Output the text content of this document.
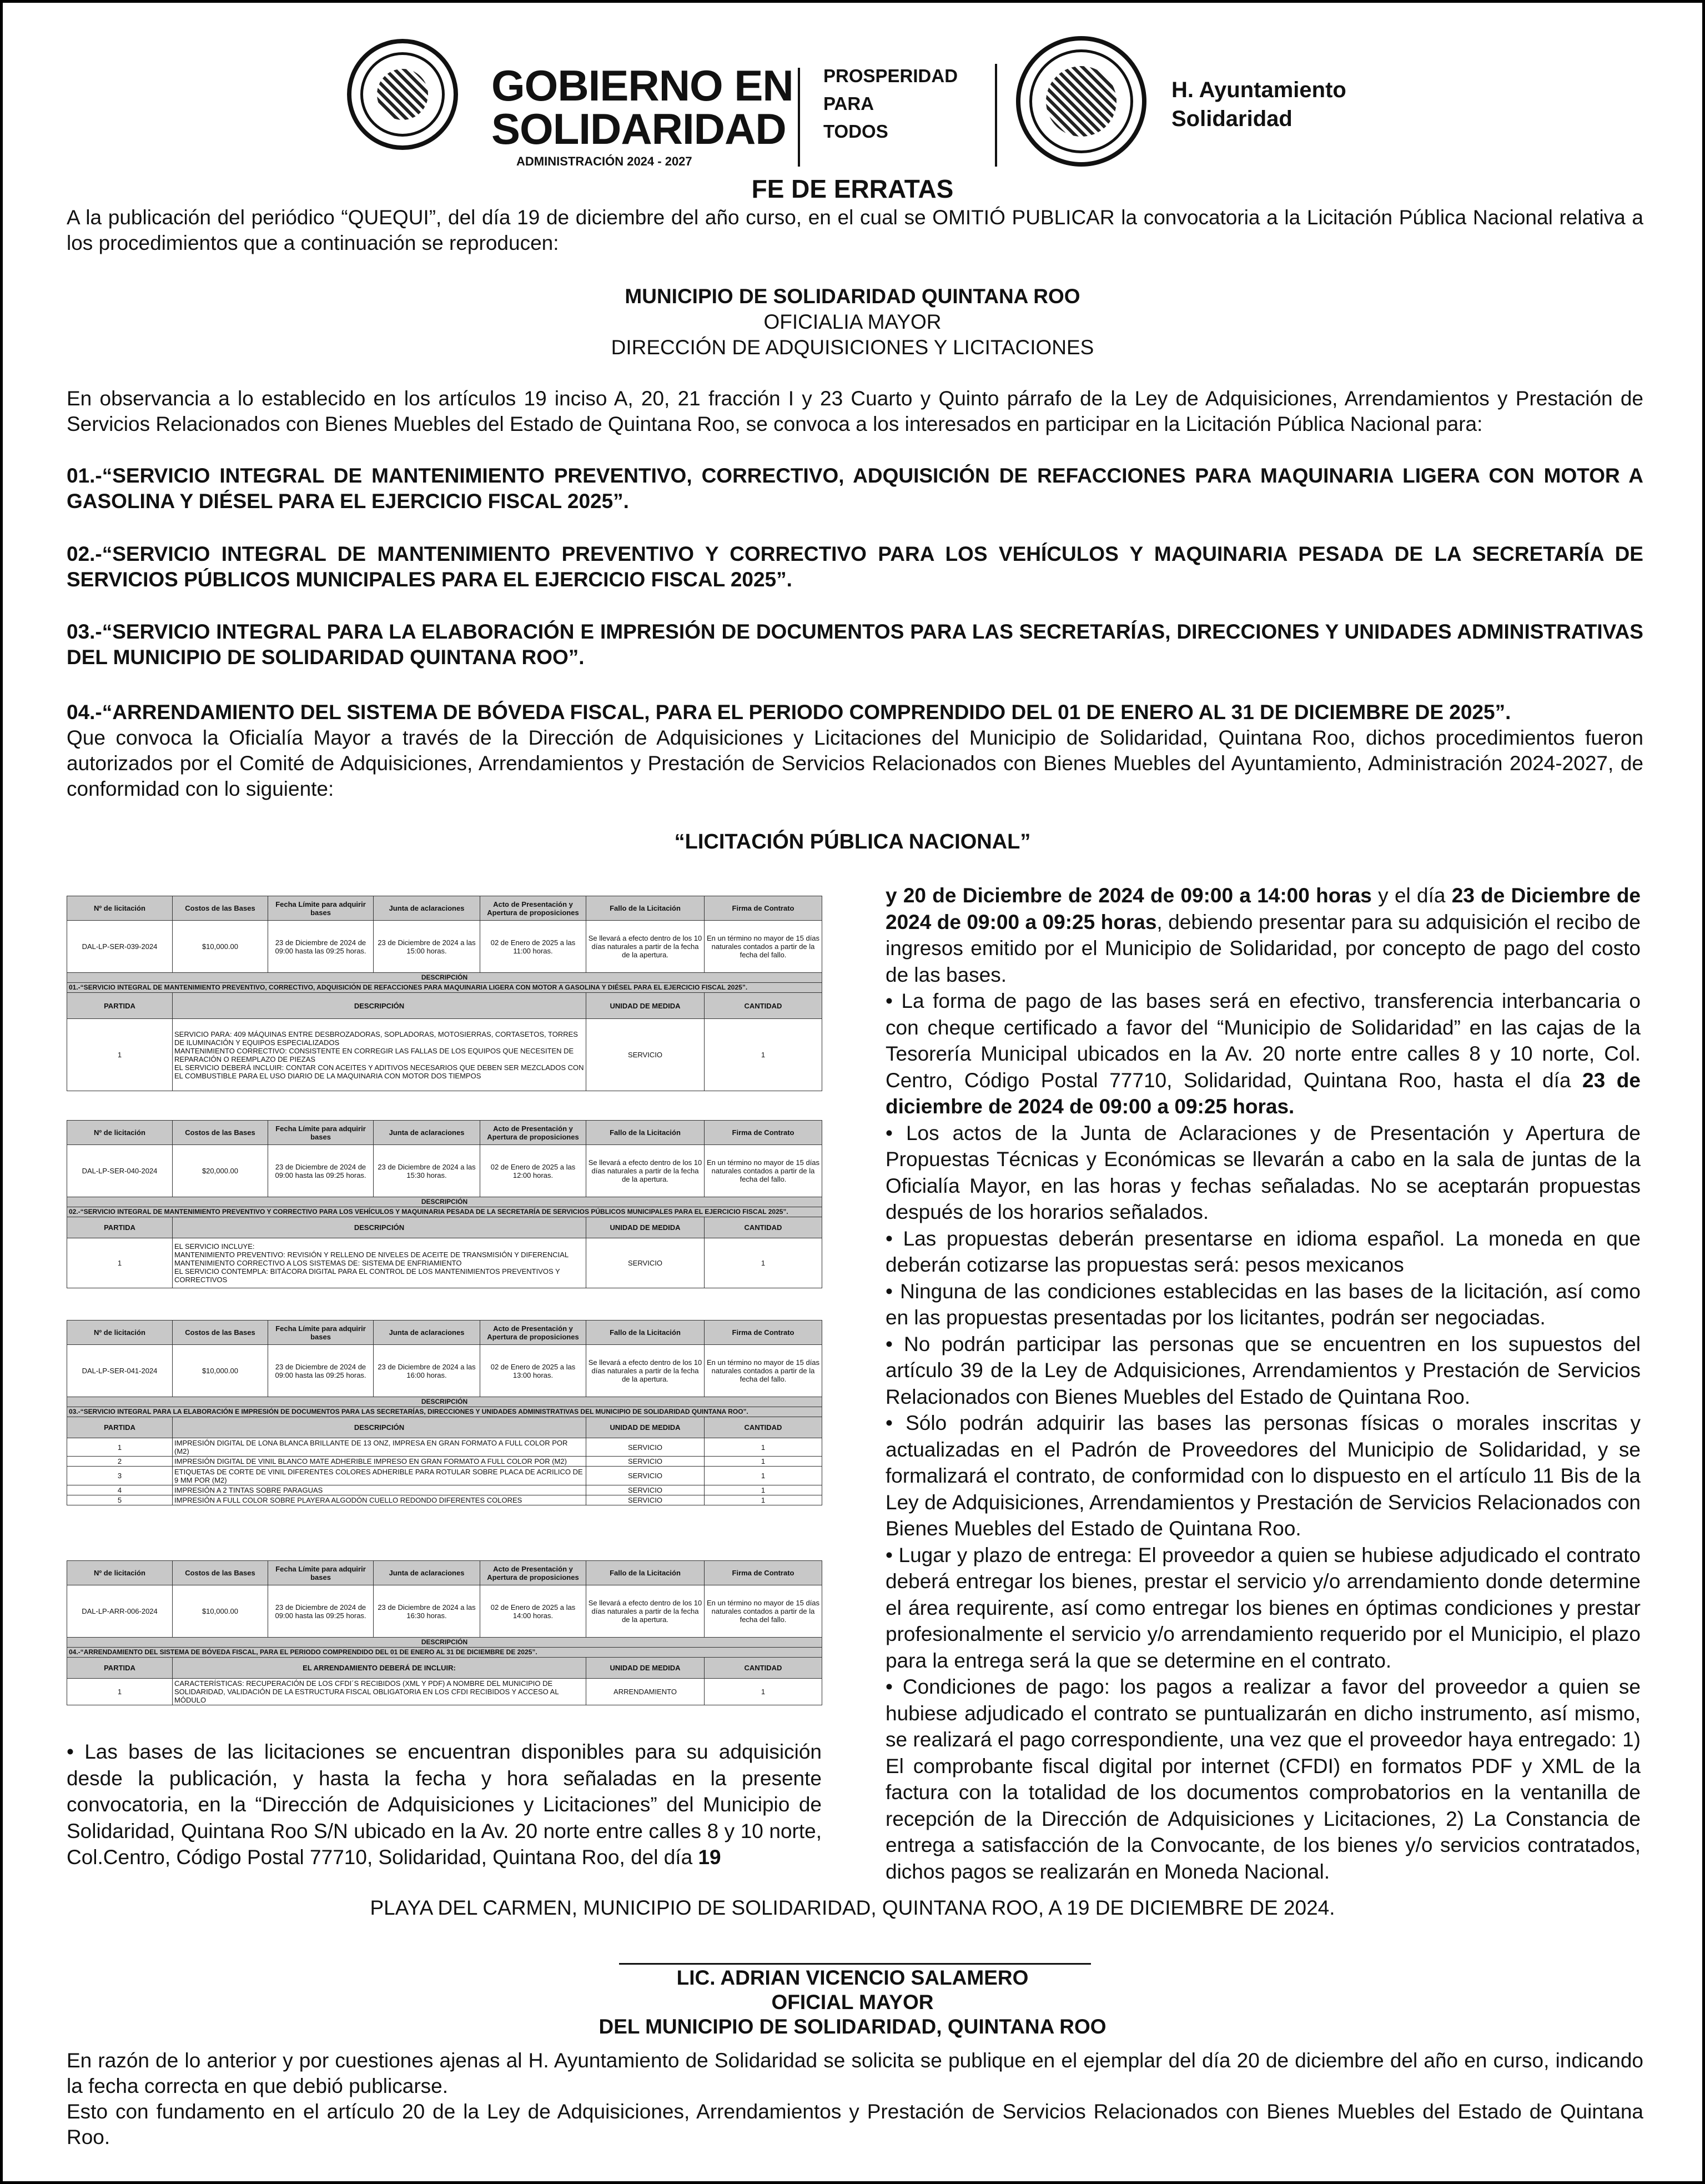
GOBIERNO EN
SOLIDARIDAD
ADMINISTRACIÓN 2024 - 2027
PROSPERIDAD
PARA
TODOS
H. Ayuntamiento
Solidaridad
FE DE ERRATAS
A la publicación del periódico “QUEQUI”, del día 19 de diciembre del año curso, en el cual se OMITIÓ PUBLICAR la convocatoria a la Licitación Pública Nacional relativa a los procedimientos que a continuación se reproducen:
MUNICIPIO DE SOLIDARIDAD QUINTANA ROO
OFICIALIA MAYOR
DIRECCIÓN DE ADQUISICIONES Y LICITACIONES
En observancia a lo establecido en los artículos 19 inciso A, 20, 21 fracción I y 23 Cuarto y Quinto párrafo de la Ley de Adquisiciones, Arrendamientos y Prestación de Servicios Relacionados con Bienes Muebles del Estado de Quintana Roo, se convoca a los interesados en participar en la Licitación Pública Nacional para:
01.-“SERVICIO INTEGRAL DE MANTENIMIENTO PREVENTIVO, CORRECTIVO, ADQUISICIÓN DE REFACCIONES PARA MAQUINARIA LIGERA CON MOTOR A GASOLINA Y DIÉSEL PARA EL EJERCICIO FISCAL 2025”.
02.-“SERVICIO INTEGRAL DE MANTENIMIENTO PREVENTIVO Y CORRECTIVO PARA LOS VEHÍCULOS Y MAQUINARIA PESADA DE LA SECRETARÍA DE SERVICIOS PÚBLICOS MUNICIPALES PARA EL EJERCICIO FISCAL 2025”.
03.-“SERVICIO INTEGRAL PARA LA ELABORACIÓN E IMPRESIÓN DE DOCUMENTOS PARA LAS SECRETARÍAS, DIRECCIONES Y UNIDADES ADMINISTRATIVAS DEL MUNICIPIO DE SOLIDARIDAD QUINTANA ROO”.
04.-“ARRENDAMIENTO DEL SISTEMA DE BÓVEDA FISCAL, PARA EL PERIODO COMPRENDIDO DEL 01 DE ENERO AL 31 DE DICIEMBRE DE 2025”.
Que convoca la Oficialía Mayor a través de la Dirección de Adquisiciones y Licitaciones del Municipio de Solidaridad, Quintana Roo, dichos procedimientos fueron autorizados por el Comité de Adquisiciones, Arrendamientos y Prestación de Servicios Relacionados con Bienes Muebles del Ayuntamiento, Administración 2024-2027, de conformidad con lo siguiente:
“LICITACIÓN PÚBLICA NACIONAL”
Nº de licitación	Costos de las Bases	Fecha Límite para adquirir bases	Junta de aclaraciones	Acto de Presentación y Apertura de proposiciones	Fallo de la Licitación	Firma de Contrato
DAL-LP-SER-039-2024	$10,000.00	23 de Diciembre de 2024 de 09:00 hasta las 09:25 horas.	23 de Diciembre de 2024 a las 15:00 horas.	02 de Enero de 2025 a las 11:00 horas.	Se llevará a efecto dentro de los 10 días naturales a partir de la fecha de la apertura.	En un término no mayor de 15 días naturales contados a partir de la fecha del fallo.
DESCRIPCIÓN						
01.-“SERVICIO INTEGRAL DE MANTENIMIENTO PREVENTIVO, CORRECTIVO, ADQUISICIÓN DE REFACCIONES PARA MAQUINARIA LIGERA CON MOTOR A GASOLINA Y DIÉSEL PARA EL EJERCICIO FISCAL 2025”.						
PARTIDA	DESCRIPCIÓN				UNIDAD DE MEDIDA	CANTIDAD
1	SERVICIO PARA: 409 MÁQUINAS ENTRE DESBROZADORAS, SOPLADORAS, MOTOSIERRAS, CORTASETOS, TORRES DE ILUMINACIÓN Y EQUIPOS ESPECIALIZADOS
MANTENIMIENTO CORRECTIVO: CONSISTENTE EN CORREGIR LAS FALLAS DE LOS EQUIPOS QUE NECESITEN DE REPARACIÓN O REEMPLAZO DE PIEZAS
EL SERVICIO DEBERÁ INCLUIR: CONTAR CON ACEITES Y ADITIVOS NECESARIOS QUE DEBEN SER MEZCLADOS CON EL COMBUSTIBLE PARA EL USO DIARIO DE LA MAQUINARIA CON MOTOR DOS TIEMPOS				SERVICIO	1
Nº de licitación	Costos de las Bases	Fecha Límite para adquirir bases	Junta de aclaraciones	Acto de Presentación y Apertura de proposiciones	Fallo de la Licitación	Firma de Contrato
DAL-LP-SER-040-2024	$20,000.00	23 de Diciembre de 2024 de 09:00 hasta las 09:25 horas.	23 de Diciembre de 2024 a las 15:30 horas.	02 de Enero de 2025 a las 12:00 horas.	Se llevará a efecto dentro de los 10 días naturales a partir de la fecha de la apertura.	En un término no mayor de 15 días naturales contados a partir de la fecha del fallo.
DESCRIPCIÓN						
02.-“SERVICIO INTEGRAL DE MANTENIMIENTO PREVENTIVO Y CORRECTIVO PARA LOS VEHÍCULOS Y MAQUINARIA PESADA DE LA SECRETARÍA DE SERVICIOS PÚBLICOS MUNICIPALES PARA EL EJERCICIO FISCAL 2025”.						
PARTIDA	DESCRIPCIÓN				UNIDAD DE MEDIDA	CANTIDAD
1	EL SERVICIO INCLUYE:
MANTENIMIENTO PREVENTIVO: REVISIÓN Y RELLENO DE NIVELES DE ACEITE DE TRANSMISIÓN Y DIFERENCIAL
MANTENIMIENTO CORRECTIVO A LOS SISTEMAS DE: SISTEMA DE ENFRIAMIENTO
EL SERVICIO CONTEMPLA: BITÁCORA DIGITAL PARA EL CONTROL DE LOS MANTENIMIENTOS PREVENTIVOS Y CORRECTIVOS				SERVICIO	1
Nº de licitación	Costos de las Bases	Fecha Límite para adquirir bases	Junta de aclaraciones	Acto de Presentación y Apertura de proposiciones	Fallo de la Licitación	Firma de Contrato
DAL-LP-SER-041-2024	$10,000.00	23 de Diciembre de 2024 de 09:00 hasta las 09:25 horas.	23 de Diciembre de 2024 a las 16:00 horas.	02 de Enero de 2025 a las 13:00 horas.	Se llevará a efecto dentro de los 10 días naturales a partir de la fecha de la apertura.	En un término no mayor de 15 días naturales contados a partir de la fecha del fallo.
DESCRIPCIÓN						
03.-“SERVICIO INTEGRAL PARA LA ELABORACIÓN E IMPRESIÓN DE DOCUMENTOS PARA LAS SECRETARÍAS, DIRECCIONES Y UNIDADES ADMINISTRATIVAS DEL MUNICIPIO DE SOLIDARIDAD QUINTANA ROO”.						
PARTIDA	DESCRIPCIÓN				UNIDAD DE MEDIDA	CANTIDAD
1	IMPRESIÓN DIGITAL DE LONA BLANCA BRILLANTE DE 13 ONZ, IMPRESA EN GRAN FORMATO A FULL COLOR POR (M2)				SERVICIO	1
2	IMPRESIÓN DIGITAL DE VINIL BLANCO MATE ADHERIBLE IMPRESO EN GRAN FORMATO A FULL COLOR POR (M2)				SERVICIO	1
3	ETIQUETAS DE CORTE DE VINIL DIFERENTES COLORES ADHERIBLE PARA ROTULAR SOBRE PLACA DE ACRILICO DE 9 MM POR (M2)				SERVICIO	1
4	IMPRESIÓN A 2 TINTAS SOBRE PARAGUAS				SERVICIO	1
5	IMPRESIÓN A FULL COLOR SOBRE PLAYERA ALGODÓN CUELLO REDONDO DIFERENTES COLORES				SERVICIO	1
Nº de licitación	Costos de las Bases	Fecha Límite para adquirir bases	Junta de aclaraciones	Acto de Presentación y Apertura de proposiciones	Fallo de la Licitación	Firma de Contrato
DAL-LP-ARR-006-2024	$10,000.00	23 de Diciembre de 2024 de 09:00 hasta las 09:25 horas.	23 de Diciembre de 2024 a las 16:30 horas.	02 de Enero de 2025 a las 14:00 horas.	Se llevará a efecto dentro de los 10 días naturales a partir de la fecha de la apertura.	En un término no mayor de 15 días naturales contados a partir de la fecha del fallo.
DESCRIPCIÓN						
04.-“ARRENDAMIENTO DEL SISTEMA DE BÓVEDA FISCAL, PARA EL PERIODO COMPRENDIDO DEL 01 DE ENERO AL 31 DE DICIEMBRE DE 2025”.						
PARTIDA	EL ARRENDAMIENTO DEBERÁ DE INCLUIR:				UNIDAD DE MEDIDA	CANTIDAD
1	CARACTERÍSTICAS: RECUPERACIÓN DE LOS CFDI´S RECIBIDOS (XML Y PDF) A NOMBRE DEL MUNICIPIO DE SOLIDARIDAD, VALIDACIÓN DE LA ESTRUCTURA FISCAL OBLIGATORIA EN LOS CFDI RECIBIDOS Y ACCESO AL MÓDULO				ARRENDAMIENTO	1
• Las bases de las licitaciones se encuentran disponibles para su adquisición desde la publicación, y hasta la fecha y hora señaladas en la presente convocatoria, en la “Dirección de Adquisiciones y Licitaciones” del Municipio de Solidaridad, Quintana Roo S/N ubicado en la Av. 20 norte entre calles 8 y 10 norte, Col.Centro, Código Postal 77710, Solidaridad, Quintana Roo, del día 19
y 20 de Diciembre de 2024 de 09:00 a 14:00 horas y el día 23 de Diciembre de 2024 de 09:00 a 09:25 horas, debiendo presentar para su adquisición el recibo de ingresos emitido por el Municipio de Solidaridad, por concepto de pago del costo de las bases.
• La forma de pago de las bases será en efectivo, transferencia interbancaria o con cheque certificado a favor del “Municipio de Solidaridad” en las cajas de la Tesorería Municipal ubicados en la Av. 20 norte entre calles 8 y 10 norte, Col. Centro, Código Postal 77710, Solidaridad, Quintana Roo, hasta el día 23 de diciembre de 2024 de 09:00 a 09:25 horas.
• Los actos de la Junta de Aclaraciones y de Presentación y Apertura de Propuestas Técnicas y Económicas se llevarán a cabo en la sala de juntas de la Oficialía Mayor, en las horas y fechas señaladas. No se aceptarán propuestas después de los horarios señalados.
• Las propuestas deberán presentarse en idioma español. La moneda en que deberán cotizarse las propuestas será: pesos mexicanos
• Ninguna de las condiciones establecidas en las bases de la licitación, así como en las propuestas presentadas por los licitantes, podrán ser negociadas.
• No podrán participar las personas que se encuentren en los supuestos del artículo 39 de la Ley de Adquisiciones, Arrendamientos y Prestación de Servicios Relacionados con Bienes Muebles del Estado de Quintana Roo.
• Sólo podrán adquirir las bases las personas físicas o morales inscritas y actualizadas en el Padrón de Proveedores del Municipio de Solidaridad, y se formalizará el contrato, de conformidad con lo dispuesto en el artículo 11 Bis de la Ley de Adquisiciones, Arrendamientos y Prestación de Servicios Relacionados con Bienes Muebles del Estado de Quintana Roo.
• Lugar y plazo de entrega: El proveedor a quien se hubiese adjudicado el contrato deberá entregar los bienes, prestar el servicio y/o arrendamiento donde determine el área requirente, así como entregar los bienes en óptimas condiciones y prestar profesionalmente el servicio y/o arrendamiento requerido por el Municipio, el plazo para la entrega será la que se determine en el contrato.
• Condiciones de pago: los pagos a realizar a favor del proveedor a quien se hubiese adjudicado el contrato se puntualizarán en dicho instrumento, así mismo, se realizará el pago correspondiente, una vez que el proveedor haya entregado: 1) El comprobante fiscal digital por internet (CFDI) en formatos PDF y XML de la factura con la totalidad de los documentos comprobatorios en la ventanilla de recepción de la Dirección de Adquisiciones y Licitaciones, 2) La Constancia de entrega a satisfacción de la Convocante, de los bienes y/o servicios contratados, dichos pagos se realizarán en Moneda Nacional.
PLAYA DEL CARMEN, MUNICIPIO DE SOLIDARIDAD, QUINTANA ROO, A 19 DE DICIEMBRE DE 2024.
LIC. ADRIAN VICENCIO SALAMERO
OFICIAL MAYOR
DEL MUNICIPIO DE SOLIDARIDAD, QUINTANA ROO
En razón de lo anterior y por cuestiones ajenas al H. Ayuntamiento de Solidaridad se solicita se publique en el ejemplar del día 20 de diciembre del año en curso, indicando la fecha correcta en que debió publicarse.
Esto con fundamento en el artículo 20 de la Ley de Adquisiciones, Arrendamientos y Prestación de Servicios Relacionados con Bienes Muebles del Estado de Quintana Roo.
